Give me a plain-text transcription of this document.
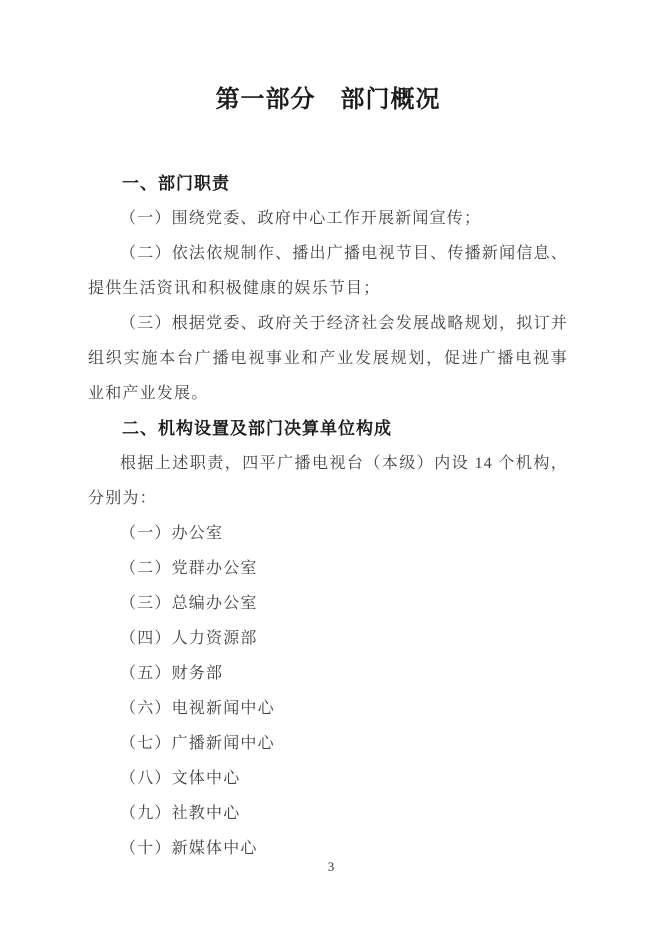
第一部分　部门概况
一、部门职责

（一）围绕党委、政府中心工作开展新闻宣传；

（二）依法依规制作、播出广播电视节目、传播新闻信息、提供生活资讯和积极健康的娱乐节目；

（三）根据党委、政府关于经济社会发展战略规划，拟订并组织实施本台广播电视事业和产业发展规划，促进广播电视事业和产业发展。

二、机构设置及部门决算单位构成

根据上述职责，四平广播电视台（本级）内设 14 个机构，分别为：

（一）办公室

（二）党群办公室

（三）总编办公室

（四）人力资源部

（五）财务部

（六）电视新闻中心

（七）广播新闻中心

（八）文体中心

（九）社教中心

（十）新媒体中心

3
